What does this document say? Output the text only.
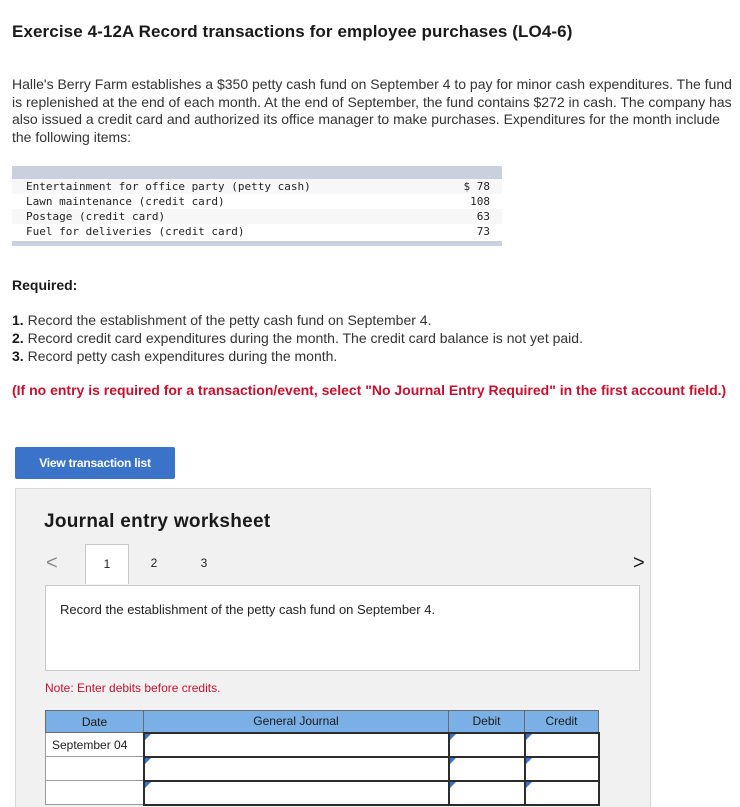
Exercise 4-12A Record transactions for employee purchases (LO4-6)
Halle's Berry Farm establishes a $350 petty cash fund on September 4 to pay for minor cash expenditures. The fund is replenished at the end of each month. At the end of September, the fund contains $272 in cash. The company has also issued a credit card and authorized its office manager to make purchases. Expenditures for the month include the following items:
Entertainment for office party (petty cash)	$ 78
Lawn maintenance (credit card)	108
Postage (credit card)	63
Fuel for deliveries (credit card)	73
Required:
1. Record the establishment of the petty cash fund on September 4.
2. Record credit card expenditures during the month. The credit card balance is not yet paid.
3. Record petty cash expenditures during the month.
(If no entry is required for a transaction/event, select "No Journal Entry Required" in the first account field.)
View transaction list
Journal entry worksheet
<	1	2	3	>
Record the establishment of the petty cash fund on September 4.
Note: Enter debits before credits.
Date	General Journal	Debit	Credit
September 04			
